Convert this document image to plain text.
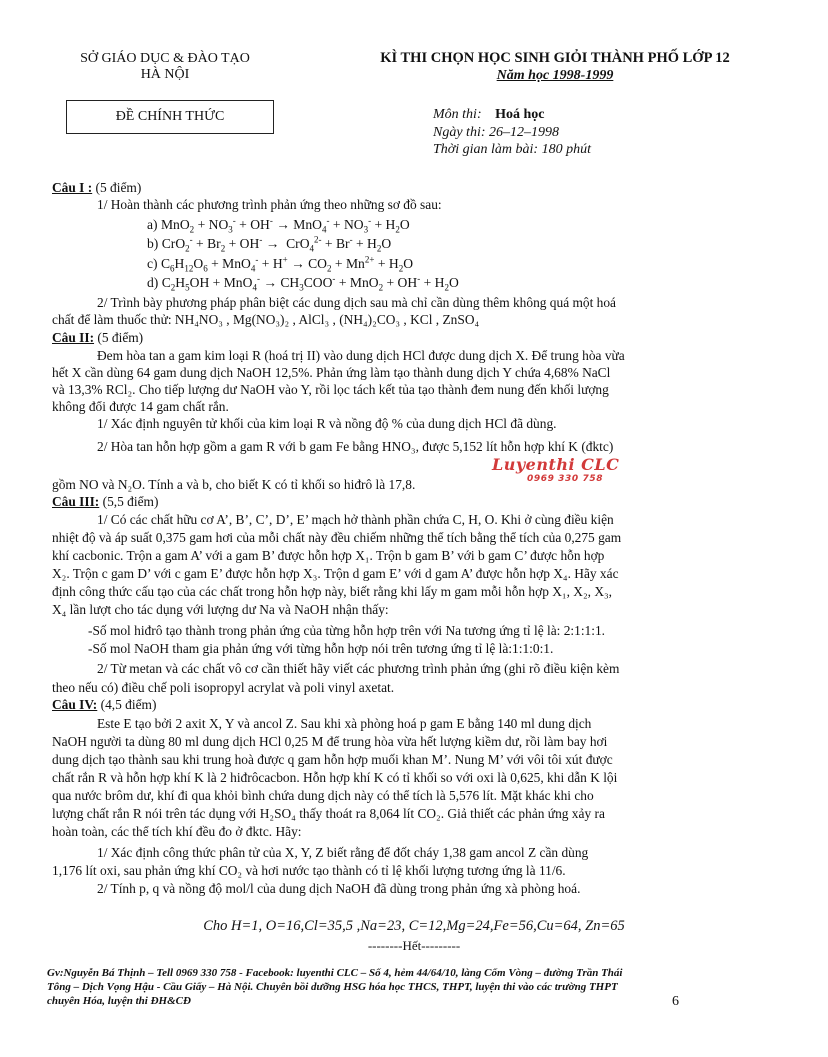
SỞ GIÁO DỤC & ĐÀO TẠO
HÀ NỘI
KÌ THI CHỌN HỌC SINH GIỎI THÀNH PHỐ LỚP 12
Năm học 1998-1999
ĐỀ CHÍNH THỨC	Môn thi: Hoá học
Ngày thi: 26–12–1998
Thời gian làm bài: 180 phút
Câu I : (5 điểm)
1/ Hoàn thành các phương trình phản ứng theo những sơ đồ sau:
a) $MnO_2 + NO_3^- + OH^- \to MnO_4^- + NO_3^- + H_2O$
b) $CrO_2^- + Br_2 + OH^- \to CrO_4^{2-} + Br^- + H_2O$
c) $C_6H_{12}O_6 + MnO_4^- + H^+ \to CO_2 + Mn^{2+} + H_2O$
d) $C_2H_5OH + MnO_4^- \to CH_3COO^- + MnO_2 + OH^- + H_2O$
2/ Trình bày phương pháp phân biệt các dung dịch sau mà chỉ cần dùng thêm không quá một hoá
chất để làm thuốc thử: NH₄NO₃ , Mg(NO₃)₂ , AlCl₃ , (NH₄)₂CO₃ , KCl , ZnSO₄
Câu II: (5 điểm)
Đem hòa tan a gam kim loại R (hoá trị II) vào dung dịch HCl được dung dịch X. Để trung hòa vừa
hết X cần dùng 64 gam dung dịch NaOH 12,5%. Phản ứng làm tạo thành dung dịch Y chứa 4,68% NaCl
và 13,3% RCl₂. Cho tiếp lượng dư NaOH vào Y, rồi lọc tách kết tủa tạo thành đem nung đến khối lượng
không đổi được 14 gam chất rắn.
1/ Xác định nguyên tử khối của kim loại R và nồng độ % của dung dịch HCl đã dùng.
2/ Hòa tan hỗn hợp gồm a gam R với b gam Fe bằng HNO₃, được 5,152 lít hỗn hợp khí K (đktc)
gồm NO và N₂O. Tính a và b, cho biết K có tỉ khối so hiđrô là 17,8.
Luyenthi CLC
0969 330 758
Câu III: (5,5 điểm)
1/ Có các chất hữu cơ A’, B’, C’, D’, E’ mạch hở thành phần chứa C, H, O. Khi ở cùng điều kiện
nhiệt độ và áp suất 0,375 gam hơi của mỗi chất này đều chiếm những thể tích bằng thể tích của 0,275 gam
khí cacbonic. Trộn a gam A’ với a gam B’ được hỗn hợp X₁. Trộn b gam B’ với b gam C’ được hỗn hợp
X₂. Trộn c gam D’ với c gam E’ được hỗn hợp X₃. Trộn d gam E’ với d gam A’ được hỗn hợp X₄. Hãy xác
định công thức cấu tạo của các chất trong hỗn hợp này, biết rằng khi lấy m gam mỗi hỗn hợp X₁, X₂, X₃,
X₄ lần lượt cho tác dụng với lượng dư Na và NaOH nhận thấy:
-Số mol hiđrô tạo thành trong phản ứng của từng hỗn hợp trên với Na tương ứng tỉ lệ là: 2:1:1:1.
-Số mol NaOH tham gia phản ứng với từng hỗn hợp nói trên tương ứng tỉ lệ là:1:1:0:1.
2/ Từ metan và các chất vô cơ cần thiết hãy viết các phương trình phản ứng (ghi rõ điều kiện kèm
theo nếu có) điều chế poli isopropyl acrylat và poli vinyl axetat.
Câu IV: (4,5 điểm)
Este E tạo bởi 2 axit X, Y và ancol Z. Sau khi xà phòng hoá p gam E bằng 140 ml dung dịch
NaOH người ta dùng 80 ml dung dịch HCl 0,25 M để trung hòa vừa hết lượng kiềm dư, rồi làm bay hơi
dung dịch tạo thành sau khi trung hoà được q gam hỗn hợp muối khan M’. Nung M’ với vôi tôi xút được
chất rắn R và hỗn hợp khí K là 2 hiđrôcacbon. Hỗn hợp khí K có tỉ khối so với oxi là 0,625, khi dẫn K lội
qua nước brôm dư, khí đi qua khỏi bình chứa dung dịch này có thể tích là 5,576 lít. Mặt khác khi cho
lượng chất rắn R nói trên tác dụng với H₂SO₄ thấy thoát ra 8,064 lít CO₂. Giả thiết các phản ứng xảy ra
hoàn toàn, các thể tích khí đều đo ở đktc. Hãy:
1/ Xác định công thức phân tử của X, Y, Z biết rằng để đốt cháy 1,38 gam ancol Z cần dùng
1,176 lít oxi, sau phản ứng khí CO₂ và hơi nước tạo thành có tỉ lệ khối lượng tương ứng là 11/6.
2/ Tính p, q và nồng độ mol/l của dung dịch NaOH đã dùng trong phản ứng xà phòng hoá.
Cho H=1, O=16,Cl=35,5 ,Na=23, C=12,Mg=24,Fe=56,Cu=64, Zn=65
--------Hết---------
Gv:Nguyễn Bá Thịnh – Tell 0969 330 758 - Facebook: luyenthi CLC – Số 4, hẻm 44/64/10, làng Cốm Vòng – đường Trần Thái
Tông – Dịch Vọng Hậu - Cầu Giấy – Hà Nội. Chuyên bồi dưỡng HSG hóa học THCS, THPT, luyện thi vào các trường THPT
chuyên Hóa, luyện thi ĐH&CĐ	6
